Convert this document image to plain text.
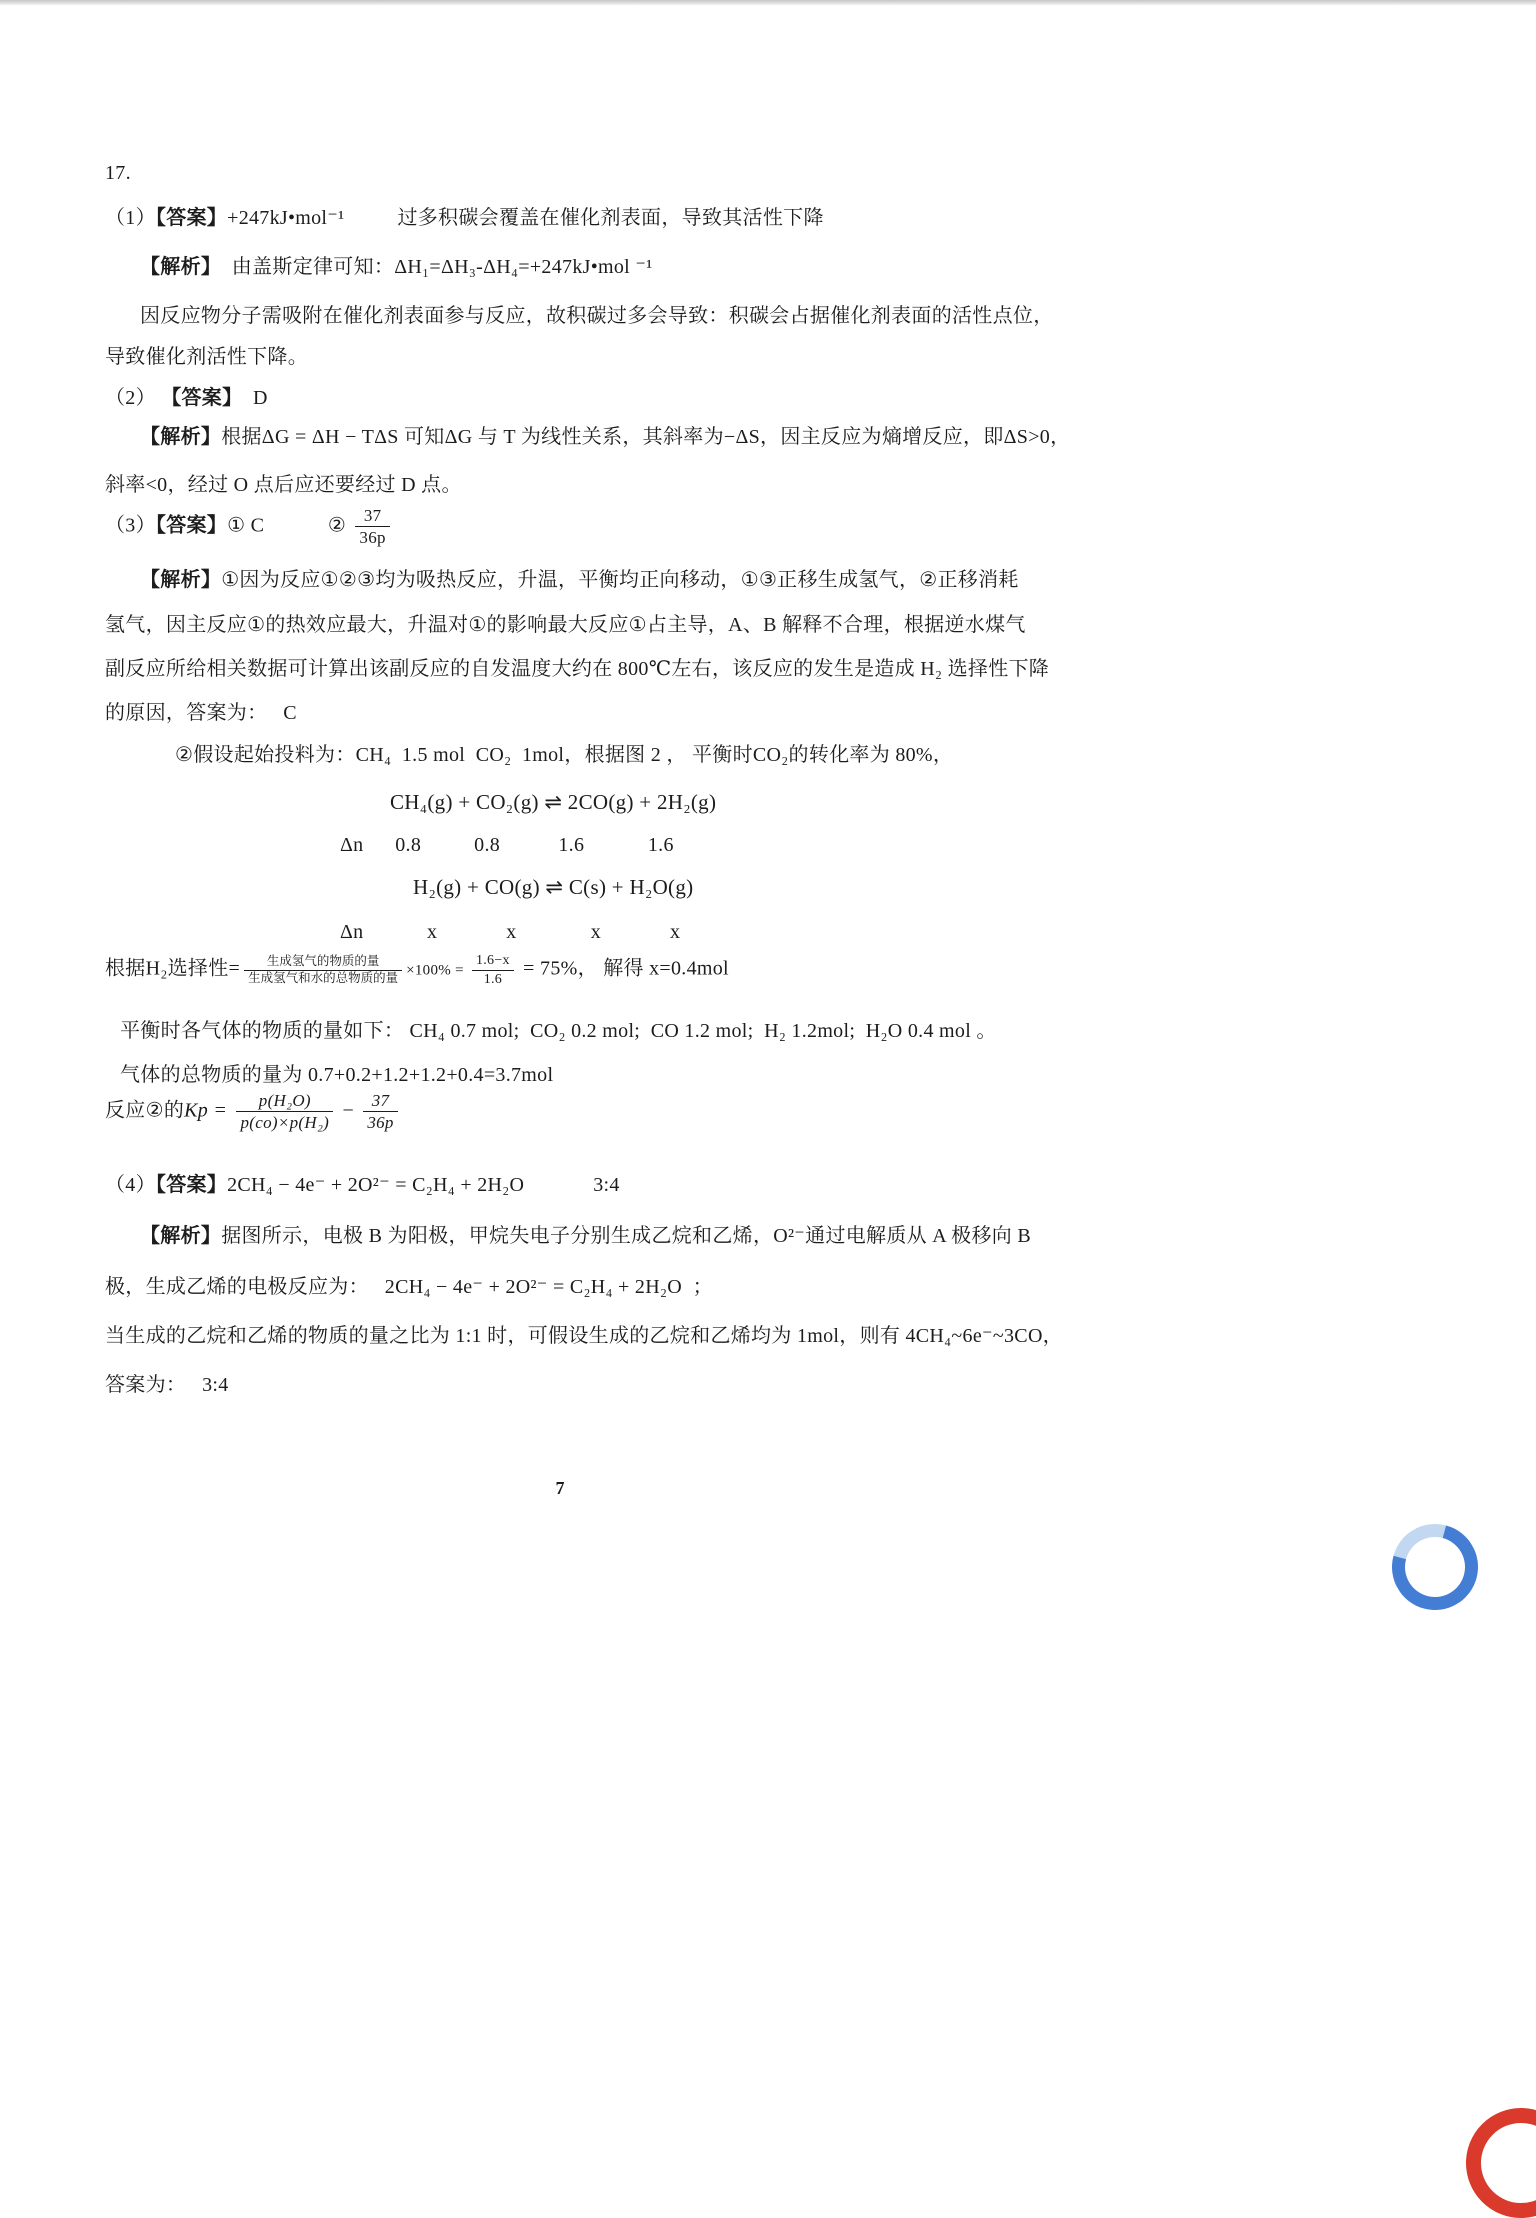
17.
（1）【答案】+247kJ•mol⁻¹          过多积碳会覆盖在催化剂表面，导致其活性下降
【解析】  由盖斯定律可知：ΔH₁=ΔH₃-ΔH₄=+247kJ•mol ⁻¹
因反应物分子需吸附在催化剂表面参与反应，故积碳过多会导致：积碳会占据催化剂表面的活性点位，
导致催化剂活性下降。
（2） 【答案】  D
【解析】根据ΔG = ΔH − TΔS 可知ΔG 与 T 为线性关系，其斜率为−ΔS，因主反应为熵增反应，即ΔS>0，
斜率<0，经过 O 点后应还要经过 D 点。
（3）【答案】① C            ② $\frac{37}{36p}$
【解析】①因为反应①②③均为吸热反应，升温，平衡均正向移动，①③正移生成氢气，②正移消耗
氢气，因主反应①的热效应最大，升温对①的影响最大反应①占主导，A、B 解释不合理，根据逆水煤气
副反应所给相关数据可计算出该副反应的自发温度大约在 800℃左右，该反应的发生是造成 H₂ 选择性下降
的原因，答案为：   C
②假设起始投料为：CH₄  1.5 mol  CO₂  1mol，根据图 2 ， 平衡时CO₂的转化率为 80%，
CH₄(g) + CO₂(g) ⇌ 2CO(g) + 2H₂(g)
Δn      0.8          0.8           1.6            1.6
H₂(g) + CO(g) ⇌ C(s) + H₂O(g)
Δn            x             x              x             x
根据H₂选择性= $\frac{\text{生成氢气的物质的量}}{\text{生成氢气和水的总物质的量}} \times 100\% = \frac{1.6-x}{1.6} = 75\%$， 解得 x=0.4mol
平衡时各气体的物质的量如下： CH₄ 0.7 mol;  CO₂ 0.2 mol;  CO 1.2 mol;  H₂ 1.2mol;  H₂O 0.4 mol 。
气体的总物质的量为 0.7+0.2+1.2+1.2+0.4=3.7mol
反应②的$Kp = \frac{\text{p(H₂O)}}{\text{p(co)×p(H₂)}} - \frac{37}{36p}$
（4）【答案】2CH₄ − 4e⁻ + 2O²⁻ = C₂H₄ + 2H₂O             3:4
【解析】据图所示，电极 B 为阳极，甲烷失电子分别生成乙烷和乙烯，O²⁻通过电解质从 A 极移向 B
极，生成乙烯的电极反应为：   2CH₄ − 4e⁻ + 2O²⁻ = C₂H₄ + 2H₂O  ；
当生成的乙烷和乙烯的物质的量之比为 1:1 时，可假设生成的乙烷和乙烯均为 1mol，则有 4CH₄~6e⁻~3CO，
答案为：   3:4
7
